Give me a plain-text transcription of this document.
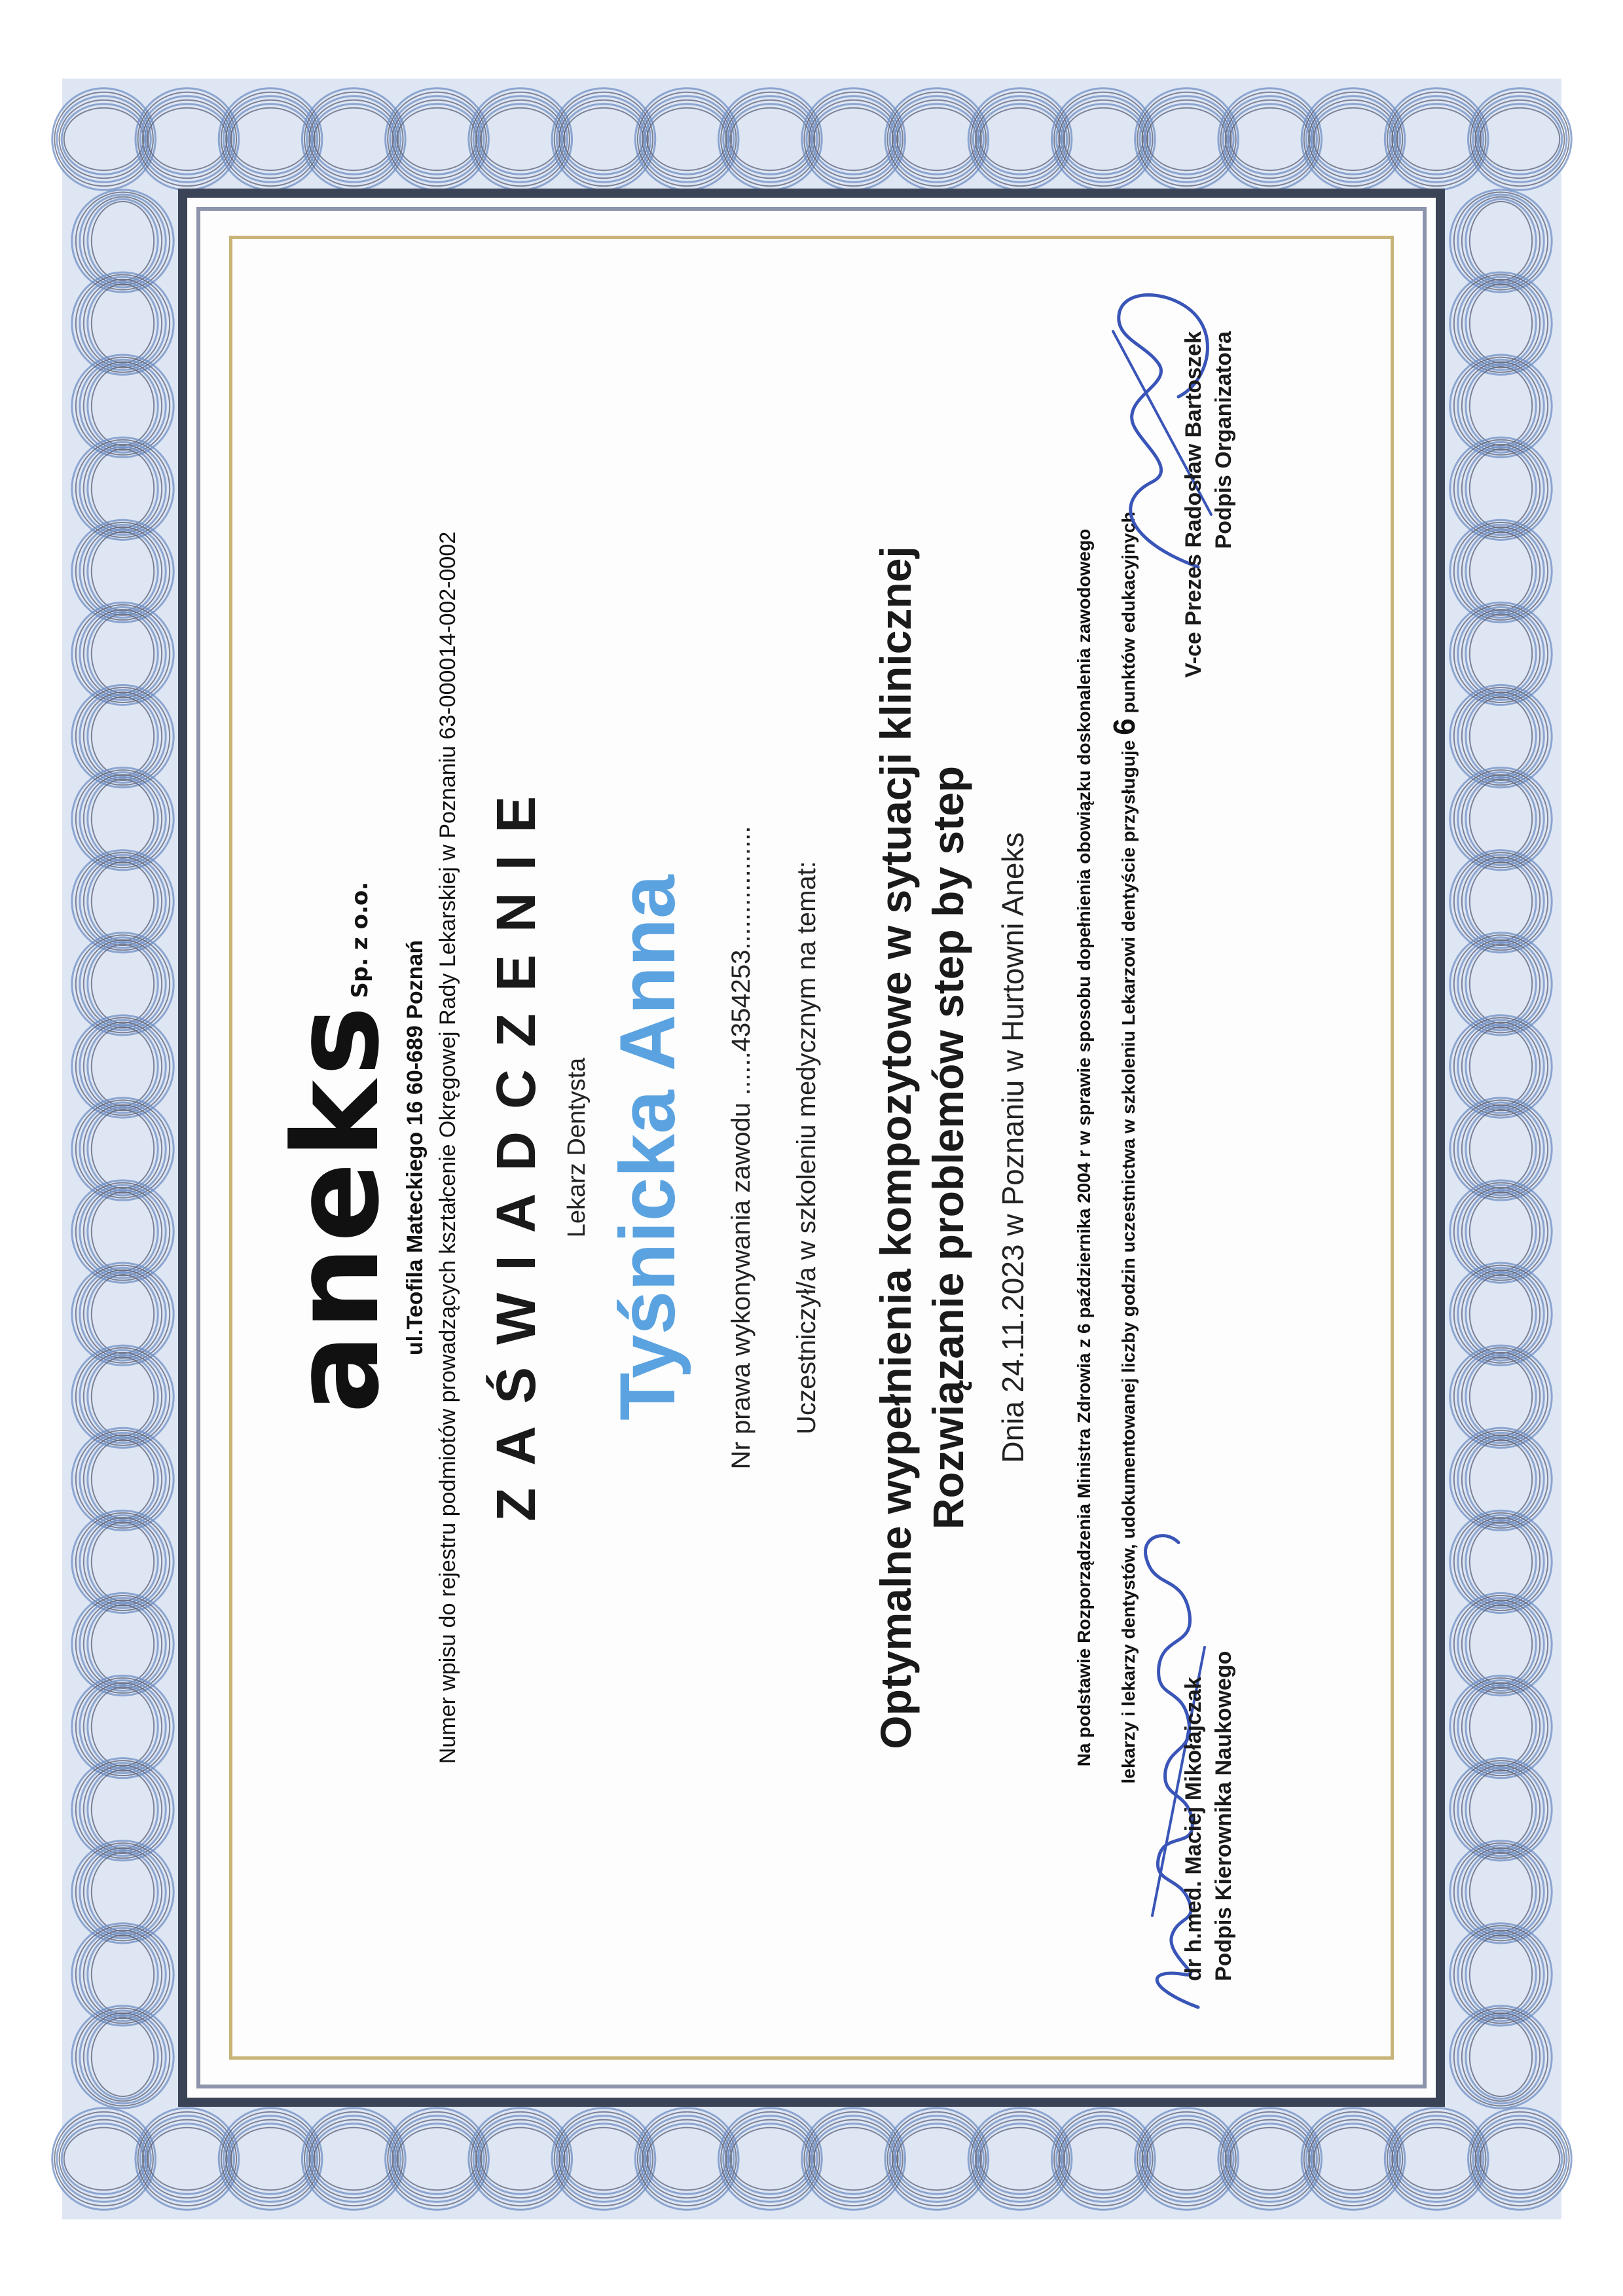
aneksSp. z o.o.
ul.Teofila Mateckiego 16 60-689 Poznań Numer wpisu do rejestru podmiotów prowadzących kształcenie Okręgowej Rady Lekarskiej w Poznaniu 63-000014-002-0002 ZAŚWIADCZENIE Lekarz Dentysta Tyśnicka Anna Nr prawa wykonywania zawodu ......4354253................. Uczestniczył/a w szkoleniu medycznym na temat: Optymalne wypełnienia kompozytowe w sytuacji klinicznej Rozwiązanie problemów step by step Dnia 24.11.2023 w Poznaniu w Hurtowni Aneks Na podstawie Rozporządzenia Ministra Zdrowia z 6 października 2004 r w sprawie sposobu dopełnienia obowiązku doskonalenia zawodowego	lekarzy i lekarzy dentystów, udokumentowanej liczby godzin uczestnictwa w szkoleniu Lekarzowi dentyście przysługuje 6 punktów edukacyjnych
dr h.med. Maciej Mikołajczak Podpis Kierownika Naukowego
V-ce Prezes Radosław Bartoszek Podpis Organizatora
